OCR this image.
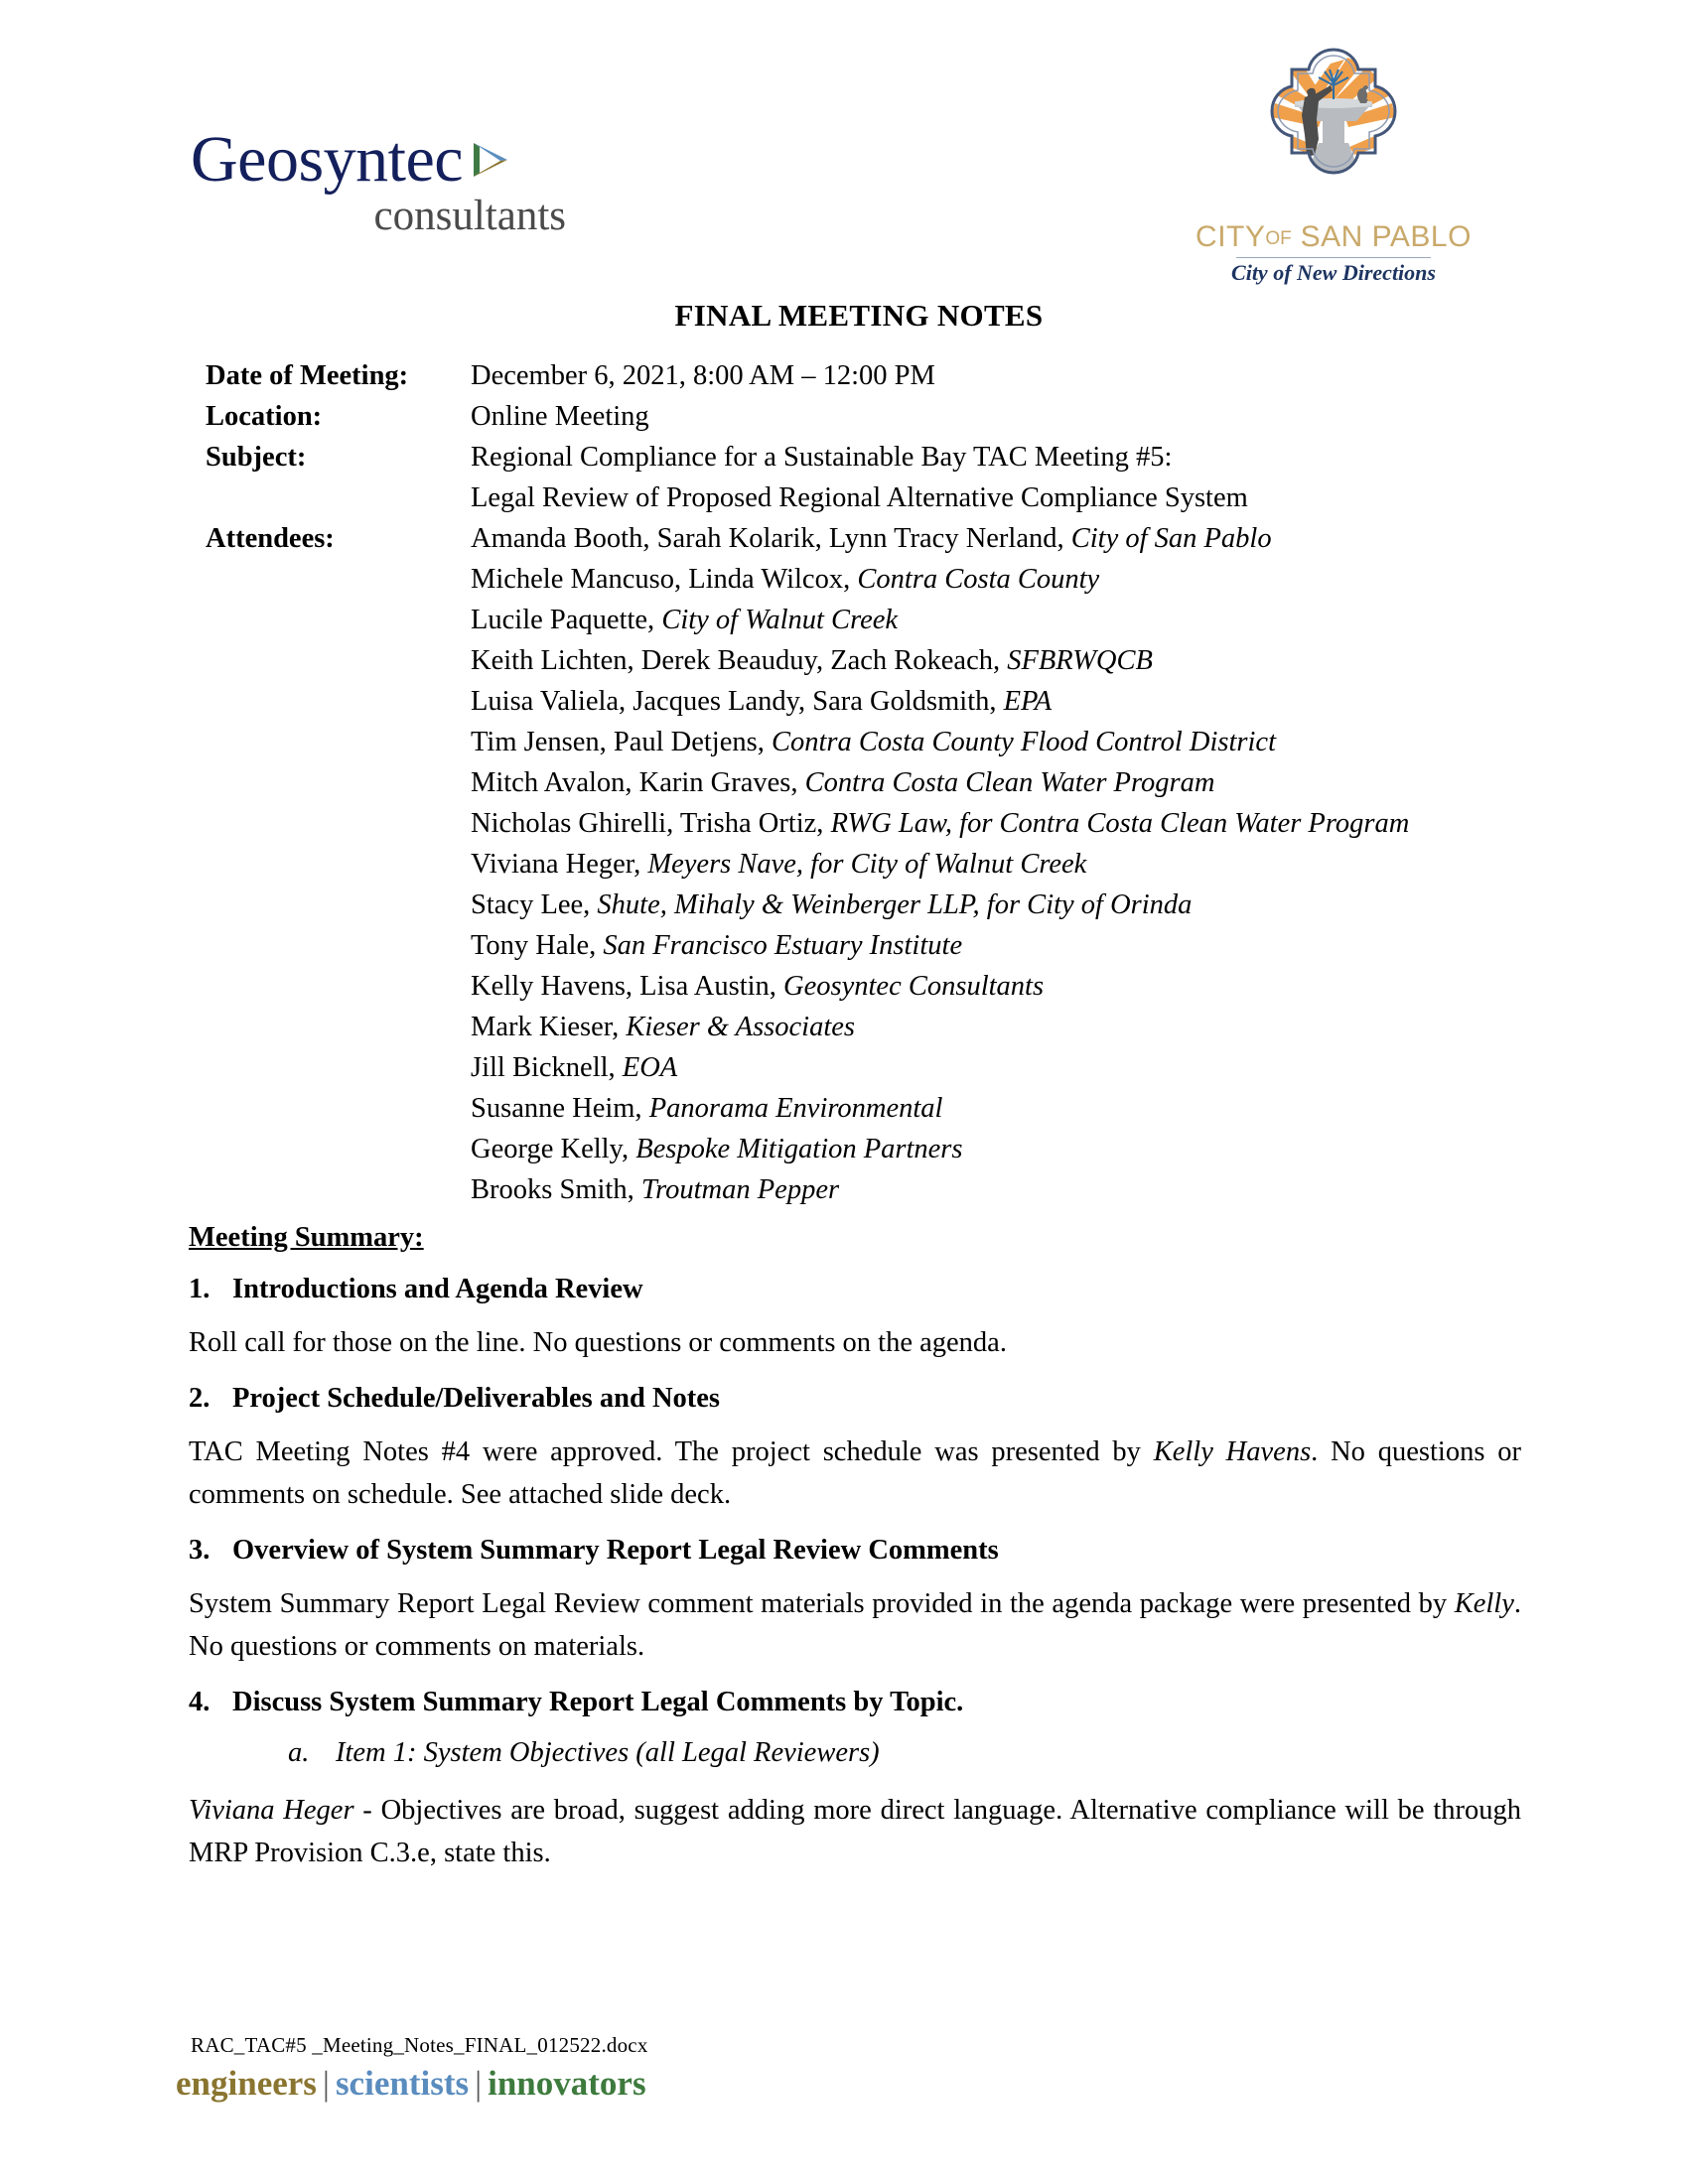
Geosyntec
consultants	CITYOF SAN PABLO
City of New Directions
FINAL MEETING NOTES
Date of Meeting:	December 6, 2021, 8:00 AM – 12:00 PM
Location:	Online Meeting
Subject:	Regional Compliance for a Sustainable Bay TAC Meeting #5:
Legal Review of Proposed Regional Alternative Compliance System
Attendees:	Amanda Booth, Sarah Kolarik, Lynn Tracy Nerland, City of San Pablo
Michele Mancuso, Linda Wilcox, Contra Costa County
Lucile Paquette, City of Walnut Creek
Keith Lichten, Derek Beauduy, Zach Rokeach, SFBRWQCB
Luisa Valiela, Jacques Landy, Sara Goldsmith, EPA
Tim Jensen, Paul Detjens, Contra Costa County Flood Control District
Mitch Avalon, Karin Graves, Contra Costa Clean Water Program
Nicholas Ghirelli, Trisha Ortiz, RWG Law, for Contra Costa Clean Water Program
Viviana Heger, Meyers Nave, for City of Walnut Creek
Stacy Lee, Shute, Mihaly & Weinberger LLP, for City of Orinda
Tony Hale, San Francisco Estuary Institute
Kelly Havens, Lisa Austin, Geosyntec Consultants
Mark Kieser, Kieser & Associates
Jill Bicknell, EOA
Susanne Heim, Panorama Environmental
George Kelly, Bespoke Mitigation Partners
Brooks Smith, Troutman Pepper
Meeting Summary:
1. Introductions and Agenda Review

Roll call for those on the line. No questions or comments on the agenda.

2. Project Schedule/Deliverables and Notes

TAC Meeting Notes #4 were approved. The project schedule was presented by Kelly Havens. No questions or comments on schedule. See attached slide deck.

3. Overview of System Summary Report Legal Review Comments

System Summary Report Legal Review comment materials provided in the agenda package were presented by Kelly. No questions or comments on materials.

4. Discuss System Summary Report Legal Comments by Topic.
a. Item 1: System Objectives (all Legal Reviewers)

Viviana Heger - Objectives are broad, suggest adding more direct language. Alternative compliance will be through MRP Provision C.3.e, state this.

RAC_TAC#5 _Meeting_Notes_FINAL_012522.docx
engineers | scientists | innovators
